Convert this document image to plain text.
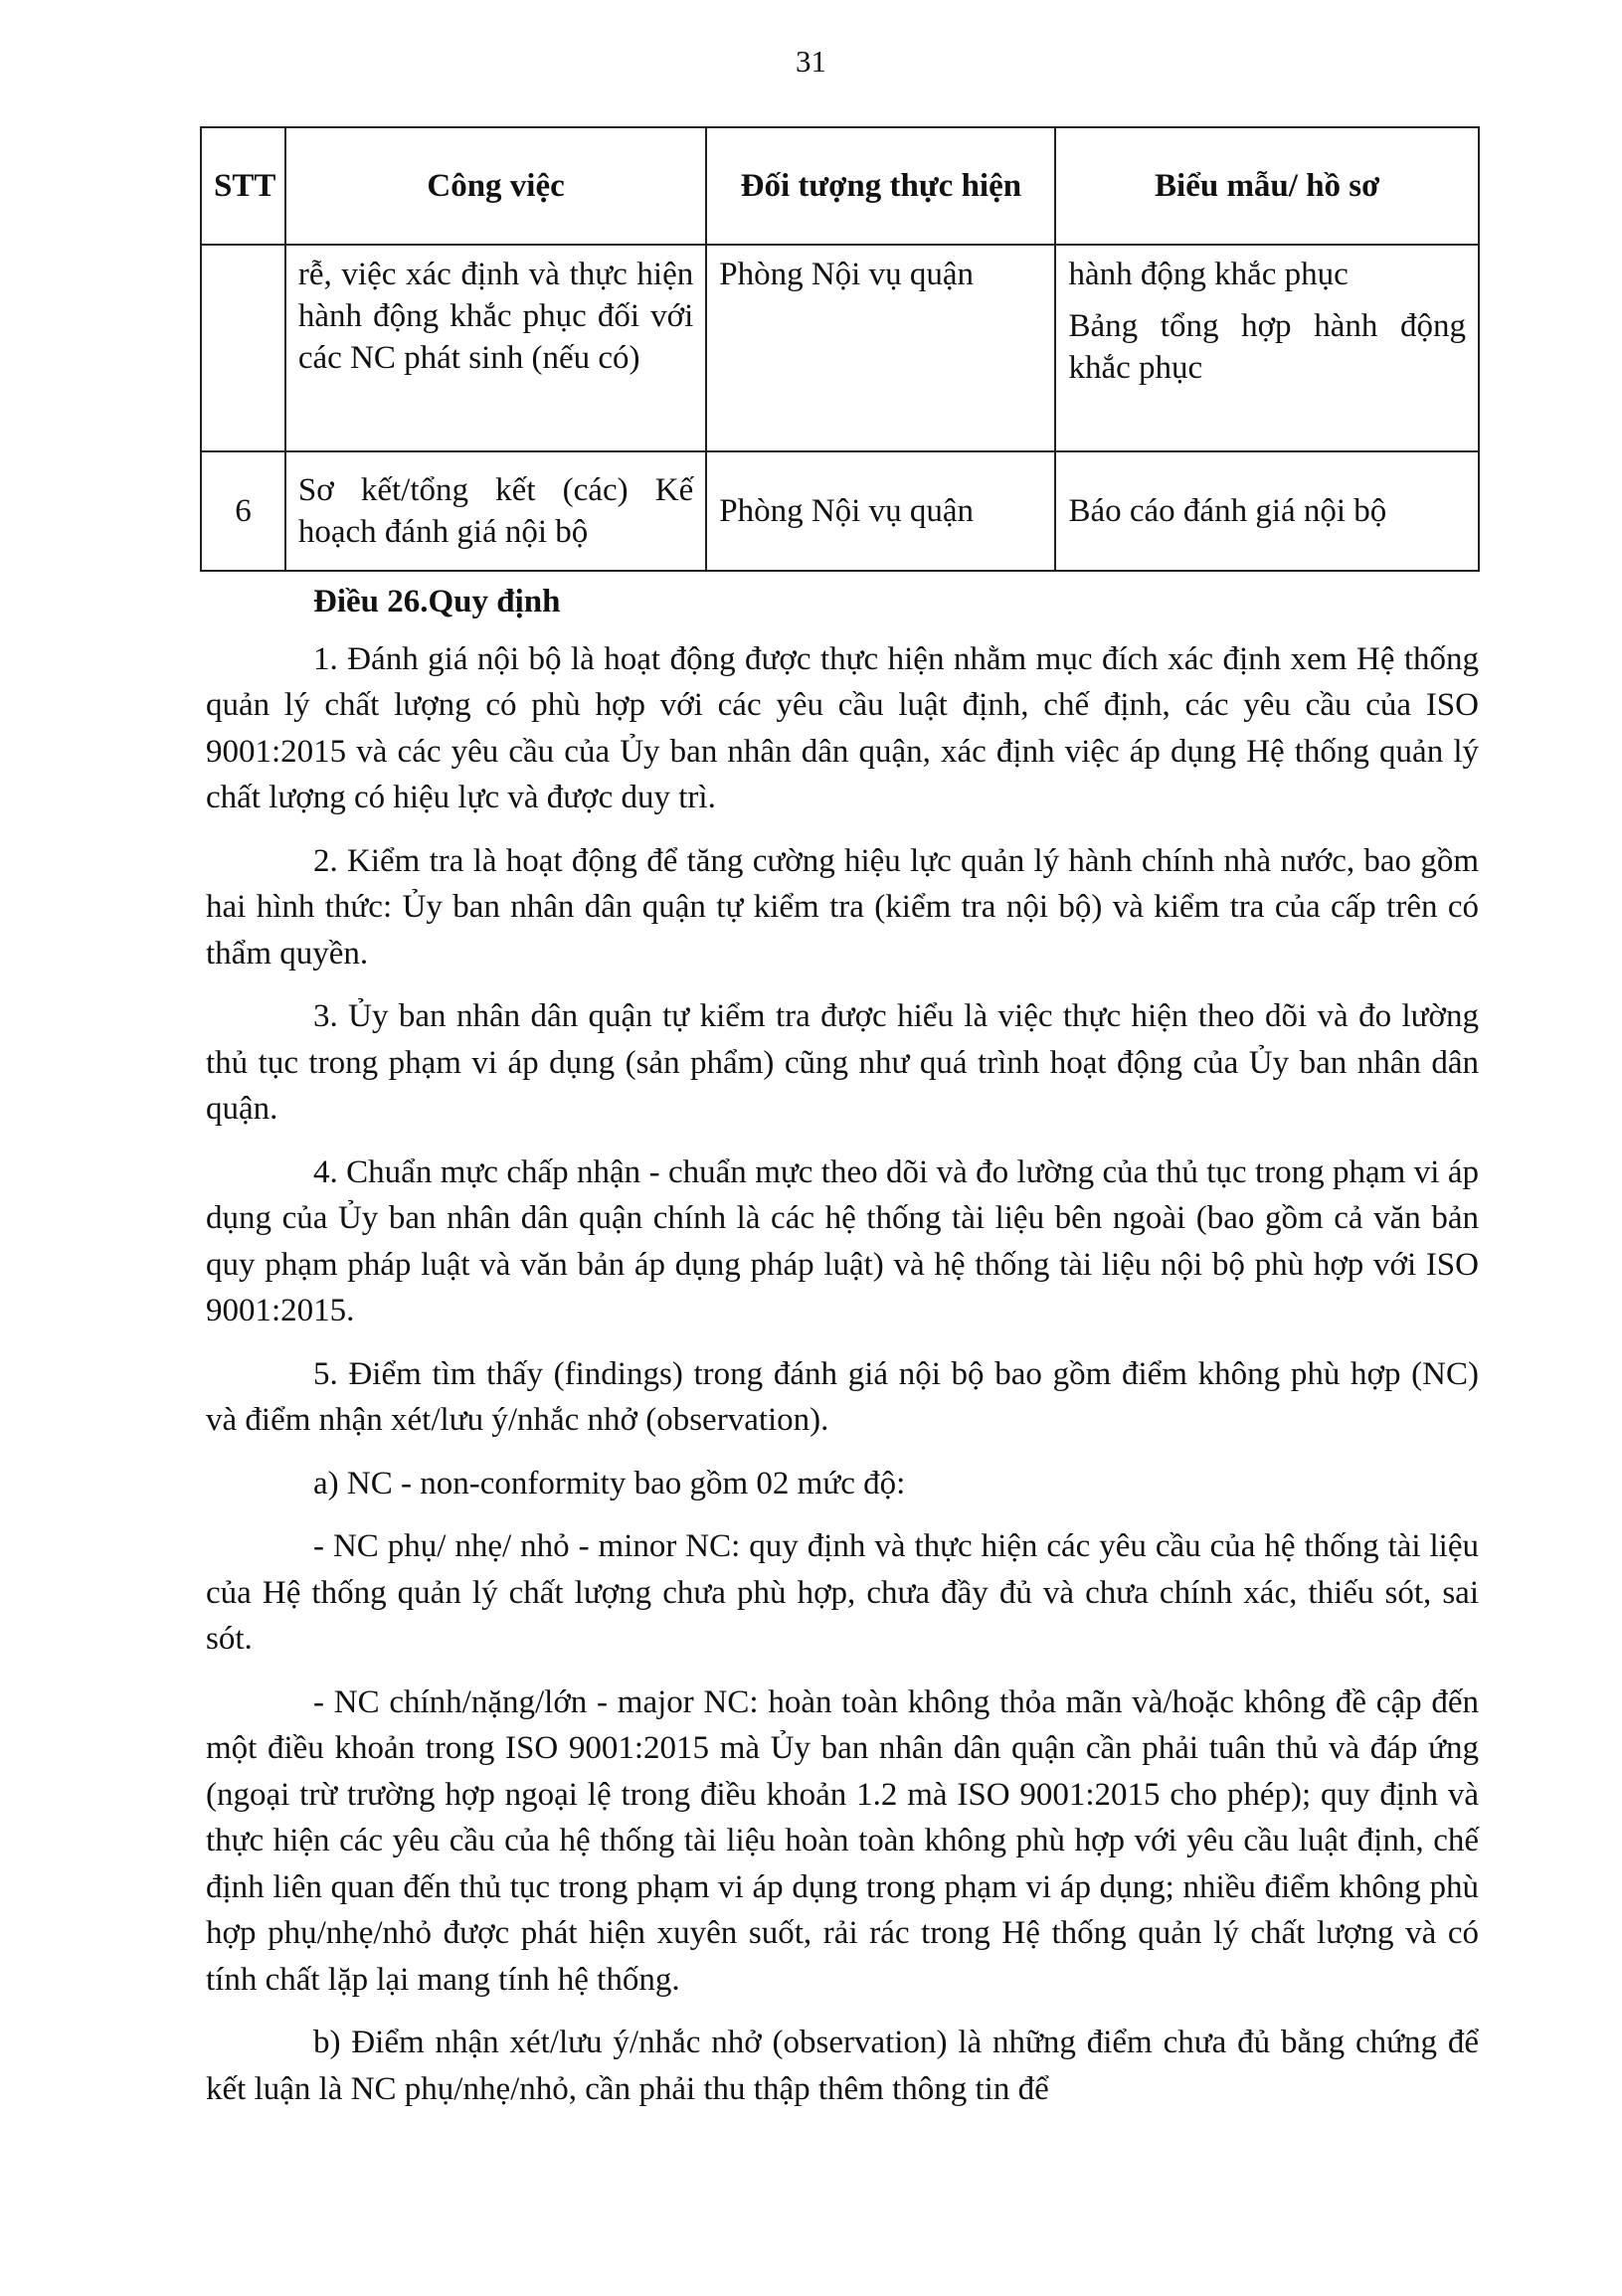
31
STT	Công việc	Đối tượng thực hiện	Biểu mẫu/ hồ sơ
	rễ, việc xác định và thực hiện hành động khắc phục đối với các NC phát sinh (nếu có)	Phòng Nội vụ quận	hành động khắc phục
Bảng tổng hợp hành động khắc phục

6	Sơ kết/tổng kết (các) Kế hoạch đánh giá nội bộ	Phòng Nội vụ quận	Báo cáo đánh giá nội bộ

Điều 26.Quy định

1. Đánh giá nội bộ là hoạt động được thực hiện nhằm mục đích xác định xem Hệ thống quản lý chất lượng có phù hợp với các yêu cầu luật định, chế định, các yêu cầu của ISO 9001:2015 và các yêu cầu của Ủy ban nhân dân quận, xác định việc áp dụng Hệ thống quản lý chất lượng có hiệu lực và được duy trì.

2. Kiểm tra là hoạt động để tăng cường hiệu lực quản lý hành chính nhà nước, bao gồm hai hình thức: Ủy ban nhân dân quận tự kiểm tra (kiểm tra nội bộ) và kiểm tra của cấp trên có thẩm quyền.

3. Ủy ban nhân dân quận tự kiểm tra được hiểu là việc thực hiện theo dõi và đo lường thủ tục trong phạm vi áp dụng (sản phẩm) cũng như quá trình hoạt động của Ủy ban nhân dân quận.

4. Chuẩn mực chấp nhận - chuẩn mực theo dõi và đo lường của thủ tục trong phạm vi áp dụng của Ủy ban nhân dân quận chính là các hệ thống tài liệu bên ngoài (bao gồm cả văn bản quy phạm pháp luật và văn bản áp dụng pháp luật) và hệ thống tài liệu nội bộ phù hợp với ISO 9001:2015.

5. Điểm tìm thấy (findings) trong đánh giá nội bộ bao gồm điểm không phù hợp (NC) và điểm nhận xét/lưu ý/nhắc nhở (observation).

a) NC - non-conformity bao gồm 02 mức độ:

- NC phụ/ nhẹ/ nhỏ - minor NC: quy định và thực hiện các yêu cầu của hệ thống tài liệu của Hệ thống quản lý chất lượng chưa phù hợp, chưa đầy đủ và chưa chính xác, thiếu sót, sai sót.

- NC chính/nặng/lớn - major NC: hoàn toàn không thỏa mãn và/hoặc không đề cập đến một điều khoản trong ISO 9001:2015 mà Ủy ban nhân dân quận cần phải tuân thủ và đáp ứng (ngoại trừ trường hợp ngoại lệ trong điều khoản 1.2 mà ISO 9001:2015 cho phép); quy định và thực hiện các yêu cầu của hệ thống tài liệu hoàn toàn không phù hợp với yêu cầu luật định, chế định liên quan đến thủ tục trong phạm vi áp dụng trong phạm vi áp dụng; nhiều điểm không phù hợp phụ/nhẹ/nhỏ được phát hiện xuyên suốt, rải rác trong Hệ thống quản lý chất lượng và có tính chất lặp lại mang tính hệ thống.

b) Điểm nhận xét/lưu ý/nhắc nhở (observation) là những điểm chưa đủ bằng chứng để kết luận là NC phụ/nhẹ/nhỏ, cần phải thu thập thêm thông tin để
